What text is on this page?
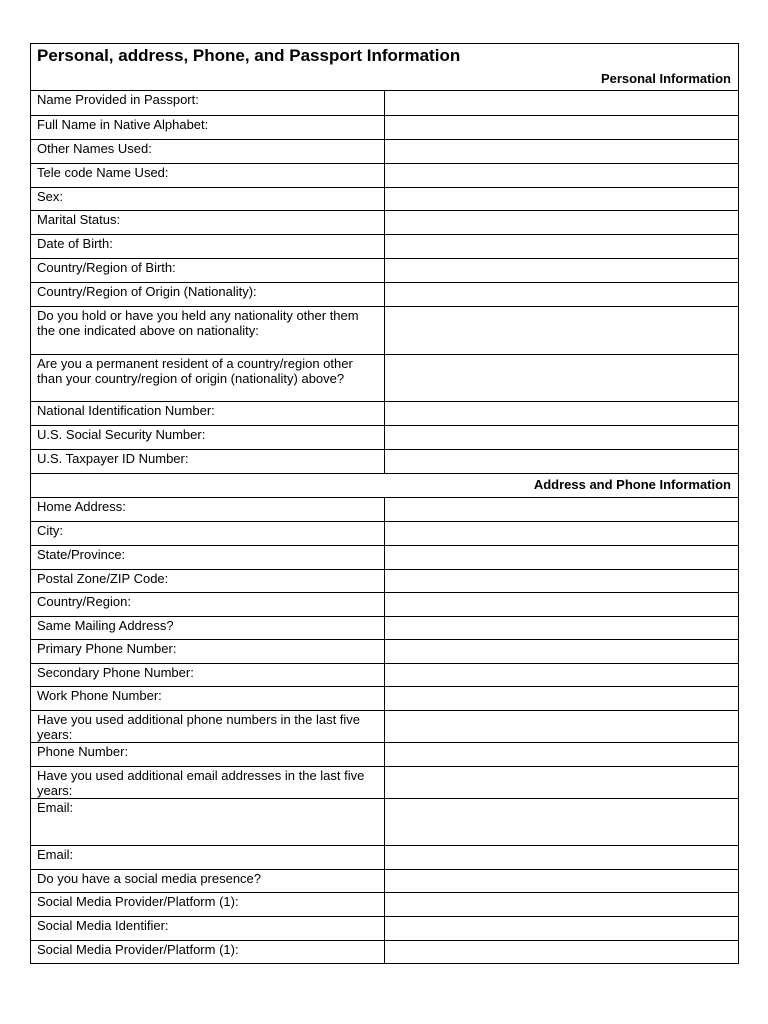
Personal, address, Phone, and Passport Information	
Personal Information	
Name Provided in Passport:	
Full Name in Native Alphabet:	
Other Names Used:	
Tele code Name Used:	
Sex:	
Marital Status:	
Date of Birth:	
Country/Region of Birth:	
Country/Region of Origin (Nationality):	
Do you hold or have you held any nationality other them the one indicated above on nationality:	
Are you a permanent resident of a country/region other than your country/region of origin (nationality) above?	
National Identification Number:	
U.S. Social Security Number:	
U.S. Taxpayer ID Number:	
Address and Phone Information	
Home Address:	
City:	
State/Province:	
Postal Zone/ZIP Code:	
Country/Region:	
Same Mailing Address?	
Primary Phone Number:	
Secondary Phone Number:	
Work Phone Number:	
Have you used additional phone numbers in the last five years:	
Phone Number:	
Have you used additional email addresses in the last five years:	
Email:	
Email:	
Do you have a social media presence?	
Social Media Provider/Platform (1):	
Social Media Identifier:	
Social Media Provider/Platform (1):	
